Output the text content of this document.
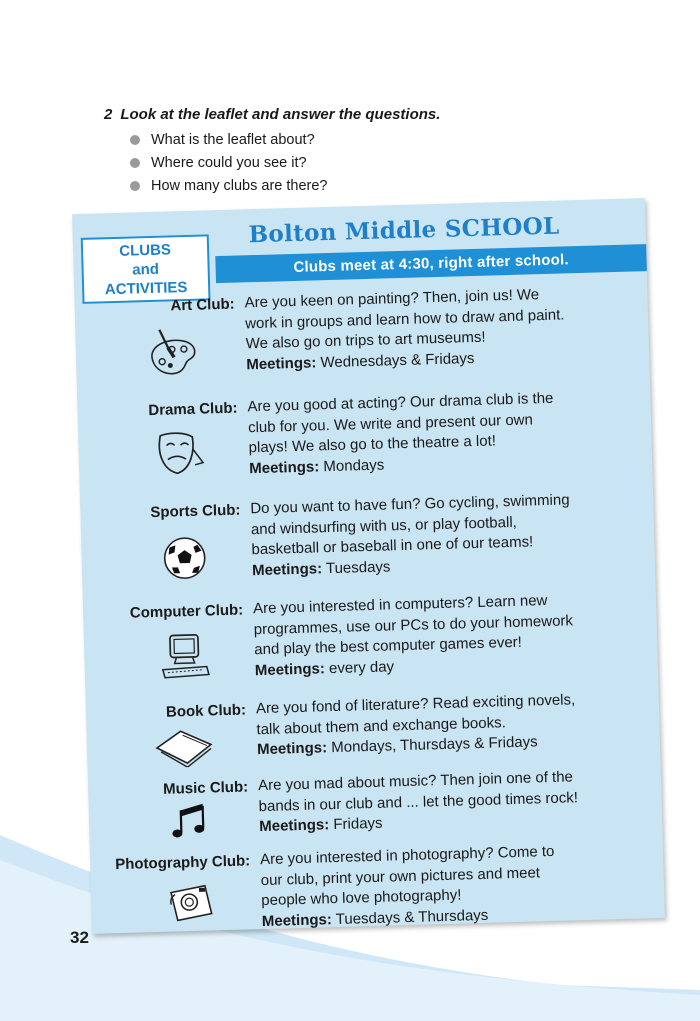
2 Look at the leaflet and answer the questions.

What is the leaflet about?
Where could you see it?
How many clubs are there?
Bolton Middle SCHOOL
Clubs meet at 4:30, right after school.
CLUBS
and
ACTIVITIES

Art Club: Are you keen on painting? Then, join us! We

work in groups and learn how to draw and paint.

We also go on trips to art museums!

Meetings: Wednesdays & Fridays

Drama Club: Are you good at acting? Our drama club is the

club for you. We write and present our own

plays! We also go to the theatre a lot!

Meetings: Mondays

Sports Club: Do you want to have fun? Go cycling, swimming

and windsurfing with us, or play football,

basketball or baseball in one of our teams!

Meetings: Tuesdays

Computer Club: Are you interested in computers? Learn new

programmes, use our PCs to do your homework

and play the best computer games ever!

Meetings: every day

Book Club: Are you fond of literature? Read exciting novels,

talk about them and exchange books.

Meetings: Mondays, Thursdays & Fridays

Music Club: Are you mad about music? Then join one of the

bands in our club and ... let the good times rock!

Meetings: Fridays

Photography Club: Are you interested in photography? Come to

our club, print your own pictures and meet

people who love photography!

Meetings: Tuesdays & Thursdays

32
